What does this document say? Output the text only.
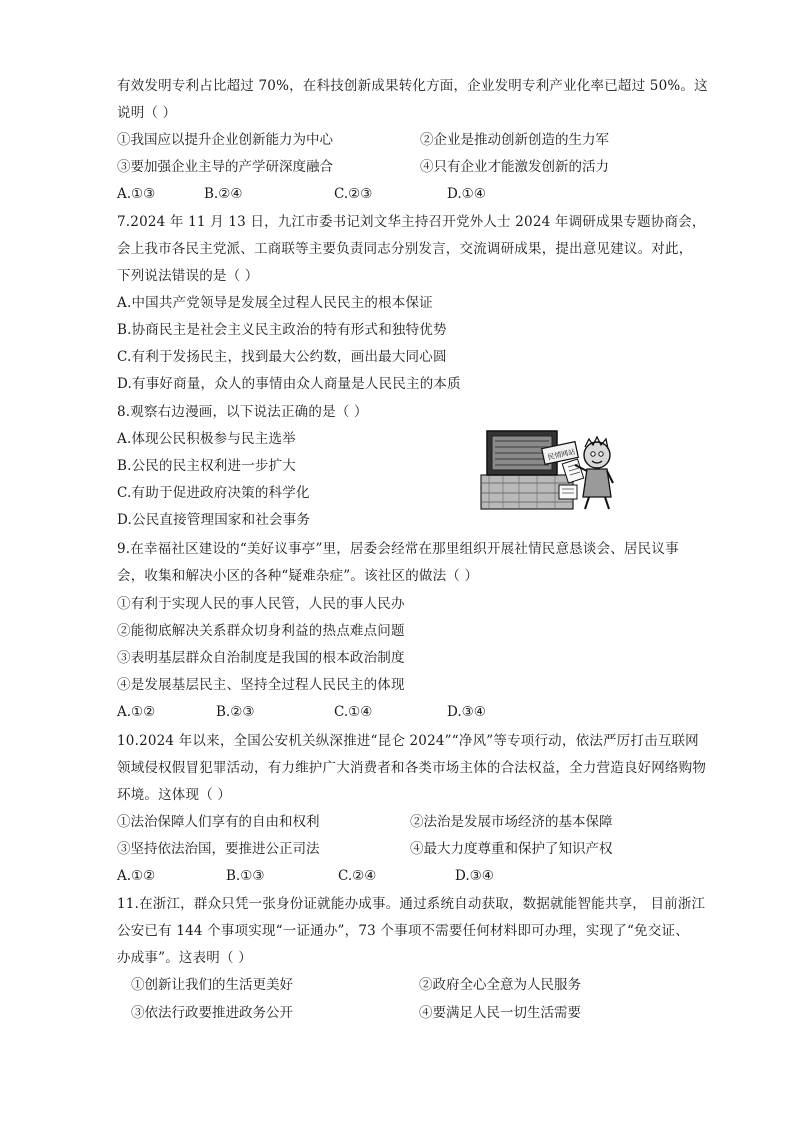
有效发明专利占比超过 70%，在科技创新成果转化方面，企业发明专利产业化率已超过 50%。这
说明（ ）
①我国应以提升企业创新能力为中心	②企业是推动创新创造的生力军
③要加强企业主导的产学研深度融合	④只有企业才能激发创新的活力
A.①③	B.②④	C.②③	D.①④
7.2024 年 11 月 13 日，九江市委书记刘文华主持召开党外人士 2024 年调研成果专题协商会，
会上我市各民主党派、工商联等主要负责同志分别发言，交流调研成果，提出意见建议。对此，
下列说法错误的是（ ）
A.中国共产党领导是发展全过程人民民主的根本保证
B.协商民主是社会主义民主政治的特有形式和独特优势
C.有利于发扬民主，找到最大公约数，画出最大同心圆
D.有事好商量，众人的事情由众人商量是人民民主的本质
8.观察右边漫画，以下说法正确的是（ ）
A.体现公民积极参与民主选举
B.公民的民主权利进一步扩大
C.有助于促进政府决策的科学化
D.公民直接管理国家和社会事务
民情网站
9.在幸福社区建设的“美好议事亭”里，居委会经常在那里组织开展社情民意恳谈会、居民议事
会，收集和解决小区的各种“疑难杂症”。该社区的做法（ ）
①有利于实现人民的事人民管，人民的事人民办
②能彻底解决关系群众切身利益的热点难点问题
③表明基层群众自治制度是我国的根本政治制度
④是发展基层民主、坚持全过程人民民主的体现
A.①②	B.②③	C.①④	D.③④
10.2024 年以来，全国公安机关纵深推进“昆仑 2024”“净风”等专项行动，依法严厉打击互联网
领域侵权假冒犯罪活动，有力维护广大消费者和各类市场主体的合法权益，全力营造良好网络购物
环境。这体现（ ）
①法治保障人们享有的自由和权利	②法治是发展市场经济的基本保障
③坚持依法治国，要推进公正司法	④最大力度尊重和保护了知识产权
A.①②	B.①③	C.②④	D.③④
11.在浙江，群众只凭一张身份证就能办成事。通过系统自动获取，数据就能智能共享， 目前浙江
公安已有 144 个事项实现“一证通办”，73 个事项不需要任何材料即可办理，实现了“免交证、
办成事”。这表明（ ）
①创新让我们的生活更美好	②政府全心全意为人民服务
③依法行政要推进政务公开	④要满足人民一切生活需要
